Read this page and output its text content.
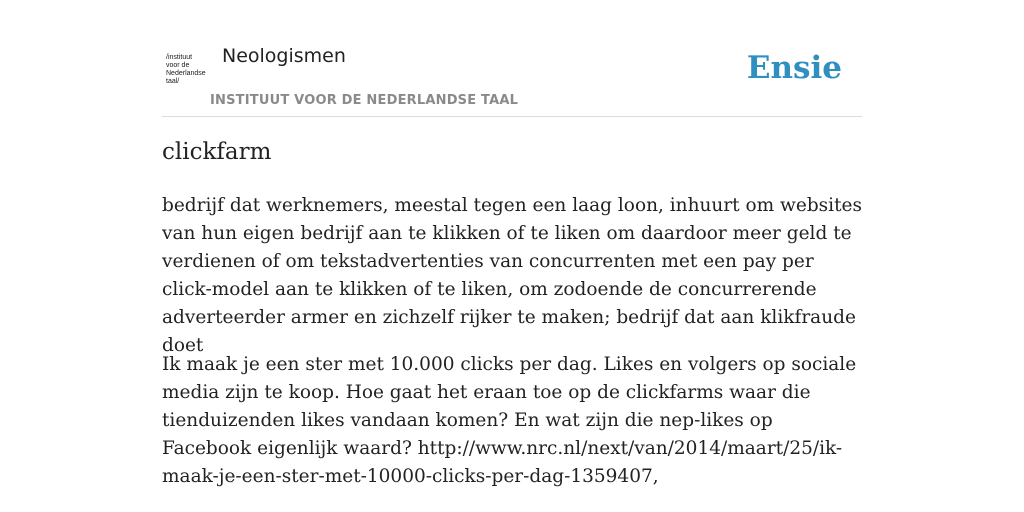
/instituut
voor de
Nederlandse
taal/
Neologismen
INSTITUUT VOOR DE NEDERLANDSE TAAL
Ensie
clickfarm

bedrijf dat werknemers, meestal tegen een laag loon, inhuurt om websites van hun eigen bedrijf aan te klikken of te liken om daardoor meer geld te verdienen of om tekstadvertenties van concurrenten met een pay per click-model aan te klikken of te liken, om zodoende de concurrerende adverteerder armer en zichzelf rijker te maken; bedrijf dat aan klikfraude doet

Ik maak je een ster met 10.000 clicks per dag. Likes en volgers op sociale media zijn te koop. Hoe gaat het eraan toe op de clickfarms waar die tienduizenden likes vandaan komen? En wat zijn die nep-likes op Facebook eigenlijk waard? http://www.nrc.nl/next/van/2014/maart/25/ik-maak-je-een-ster-met-10000-clicks-per-dag-1359407,
